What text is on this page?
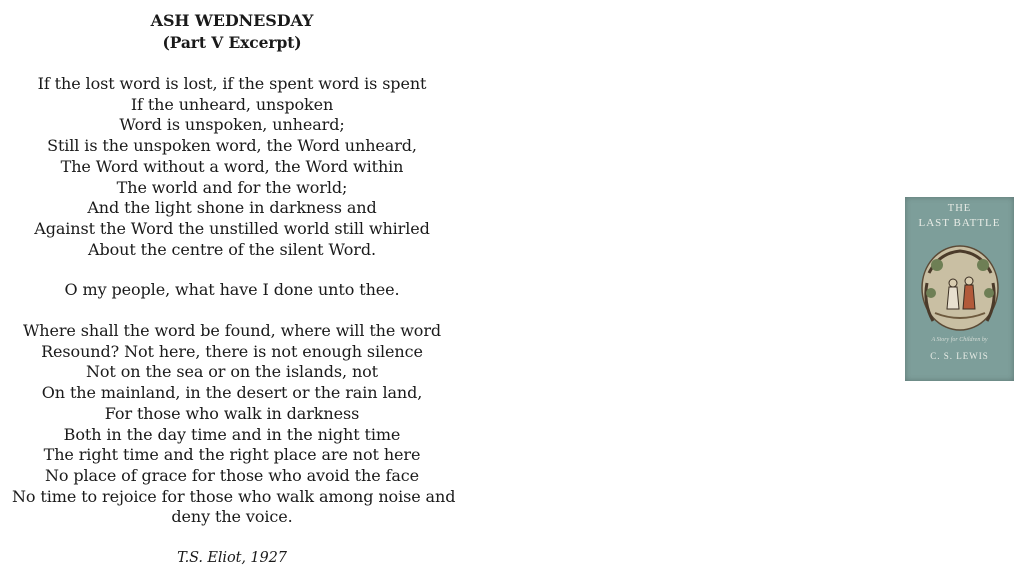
ASH WEDNESDAY
(Part V Excerpt)
If the lost word is lost, if the spent word is spent
If the unheard, unspoken
Word is unspoken, unheard;
Still is the unspoken word, the Word unheard,
The Word without a word, the Word within
The world and for the world;
And the light shone in darkness and
Against the Word the unstilled world still whirled
About the centre of the silent Word.
O my people, what have I done unto thee.
Where shall the word be found, where will the word
Resound? Not here, there is not enough silence
Not on the sea or on the islands, not
On the mainland, in the desert or the rain land,
For those who walk in darkness
Both in the day time and in the night time
The right time and the right place are not here
No place of grace for those who avoid the face
No time to rejoice for those who walk among noise and
deny the voice.
T.S. Eliot, 1927
THE
LAST BATTLE
A Story for Children by
C. S. LEWIS
